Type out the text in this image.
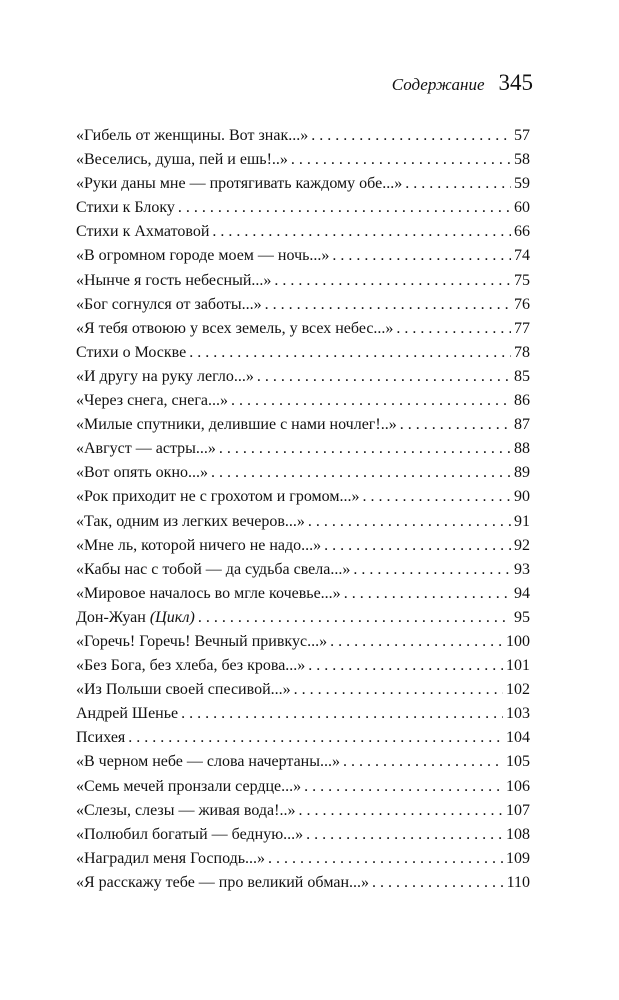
Содержание 345
«Гибель от женщины. Вот знак...» . . .	57
«Веселись, душа, пей и ешь!..» . . .	58
«Руки даны мне — протягивать каждому обе...» . . .	59
Стихи к Блоку . . .	60
Стихи к Ахматовой . . .	66
«В огромном городе моем — ночь...» . . .	74
«Нынче я гость небесный...» . . .	75
«Бог согнулся от заботы...» . . .	76
«Я тебя отвоюю у всех земель, у всех небес...» . . .	77
Стихи о Москве . . .	78
«И другу на руку легло...» . . .	85
«Через снега, снега...» . . .	86
«Милые спутники, делившие с нами ночлег!..» . . .	87
«Август — астры...» . . .	88
«Вот опять окно...» . . .	89
«Рок приходит не с грохотом и громом...» . . .	90
«Так, одним из легких вечеров...» . . .	91
«Мне ль, которой ничего не надо...» . . .	92
«Кабы нас с тобой — да судьба свела...» . . .	93
«Мировое началось во мгле кочевье...» . . .	94
Дон-Жуан (Цикл) . . .	95
«Горечь! Горечь! Вечный привкус...» . . .	100
«Без Бога, без хлеба, без крова...» . . .	101
«Из Польши своей спесивой...» . . .	102
Андрей Шенье . . .	103
Психея . . .	104
«В черном небе — слова начертаны...» . . .	105
«Семь мечей пронзали сердце...» . . .	106
«Слезы, слезы — живая вода!..» . . .	107
«Полюбил богатый — бедную...» . . .	108
«Наградил меня Господь...» . . .	109
«Я расскажу тебе — про великий обман...» . . .	110
